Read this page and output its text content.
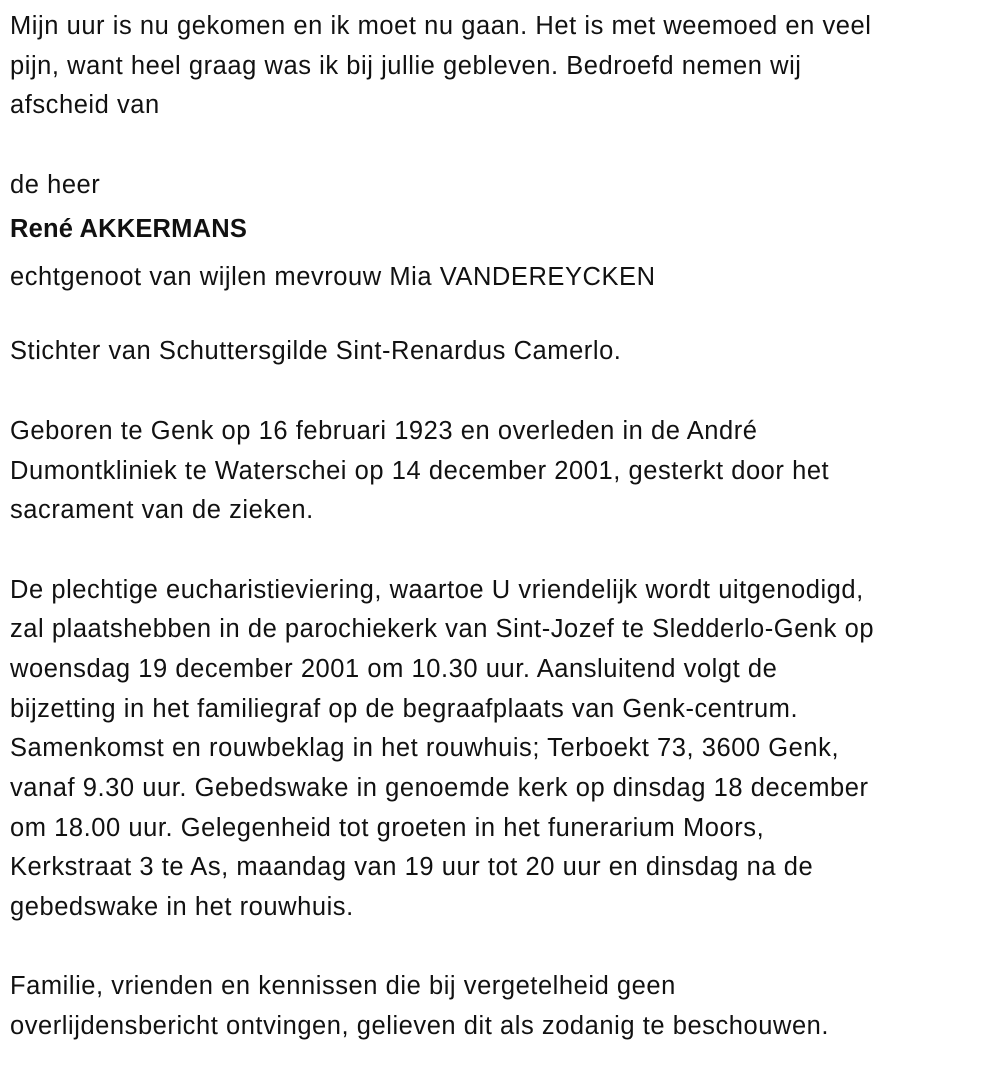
Mijn uur is nu gekomen en ik moet nu gaan. Het is met weemoed en veel
pijn, want heel graag was ik bij jullie gebleven. Bedroefd nemen wij
afscheid van
de heer
René AKKERMANS
echtgenoot van wijlen mevrouw Mia VANDEREYCKEN
Stichter van Schuttersgilde Sint-Renardus Camerlo.
Geboren te Genk op 16 februari 1923 en overleden in de André
Dumontkliniek te Waterschei op 14 december 2001, gesterkt door het
sacrament van de zieken.
De plechtige eucharistieviering, waartoe U vriendelijk wordt uitgenodigd,
zal plaatshebben in de parochiekerk van Sint-Jozef te Sledderlo-Genk op
woensdag 19 december 2001 om 10.30 uur. Aansluitend volgt de
bijzetting in het familiegraf op de begraafplaats van Genk-centrum.
Samenkomst en rouwbeklag in het rouwhuis; Terboekt 73, 3600 Genk,
vanaf 9.30 uur. Gebedswake in genoemde kerk op dinsdag 18 december
om 18.00 uur. Gelegenheid tot groeten in het funerarium Moors,
Kerkstraat 3 te As, maandag van 19 uur tot 20 uur en dinsdag na de
gebedswake in het rouwhuis.
Familie, vrienden en kennissen die bij vergetelheid geen
overlijdensbericht ontvingen, gelieven dit als zodanig te beschouwen.
